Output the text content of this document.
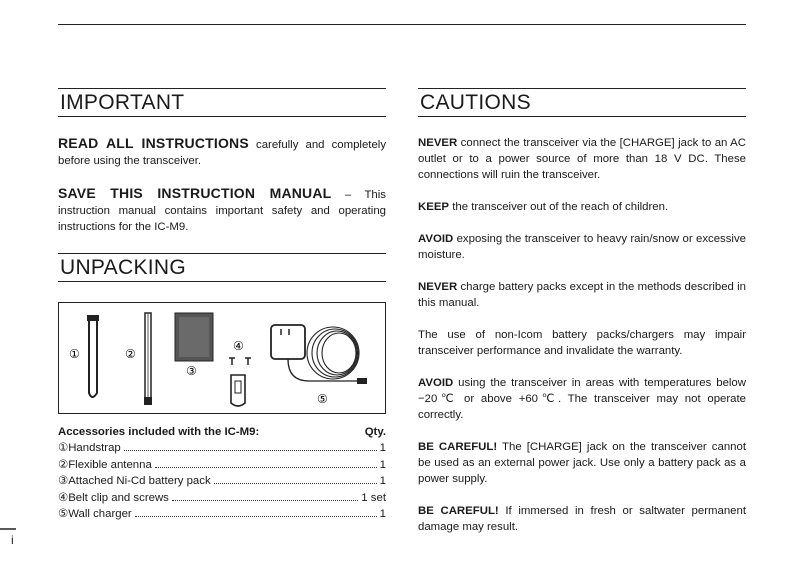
IMPORTANT

READ ALL INSTRUCTIONS carefully and completely before using the transceiver.

SAVE THIS INSTRUCTION MANUAL – This instruction manual contains important safety and operating instructions for the IC-M9.

UNPACKING
①	②
③
④
⑤
Accessories included with the IC-M9:	Qty.
①Handstrap	1
②Flexible antenna	1
③Attached Ni-Cd battery pack	1
④Belt clip and screws	1 set
⑤Wall charger	1
CAUTIONS

NEVER connect the transceiver via the [CHARGE] jack to an AC outlet or to a power source of more than 18 V DC. These connections will ruin the transceiver.

KEEP the transceiver out of the reach of children.

AVOID exposing the transceiver to heavy rain/snow or excessive moisture.

NEVER charge battery packs except in the methods described in this manual.

The use of non-Icom battery packs/chargers may impair transceiver performance and invalidate the warranty.

AVOID using the transceiver in areas with temperatures below −20℃ or above +60℃. The transceiver may not operate correctly.

BE CAREFUL! The [CHARGE] jack on the transceiver cannot be used as an external power jack. Use only a battery pack as a power supply.

BE CAREFUL! If immersed in fresh or saltwater permanent damage may result.

i
